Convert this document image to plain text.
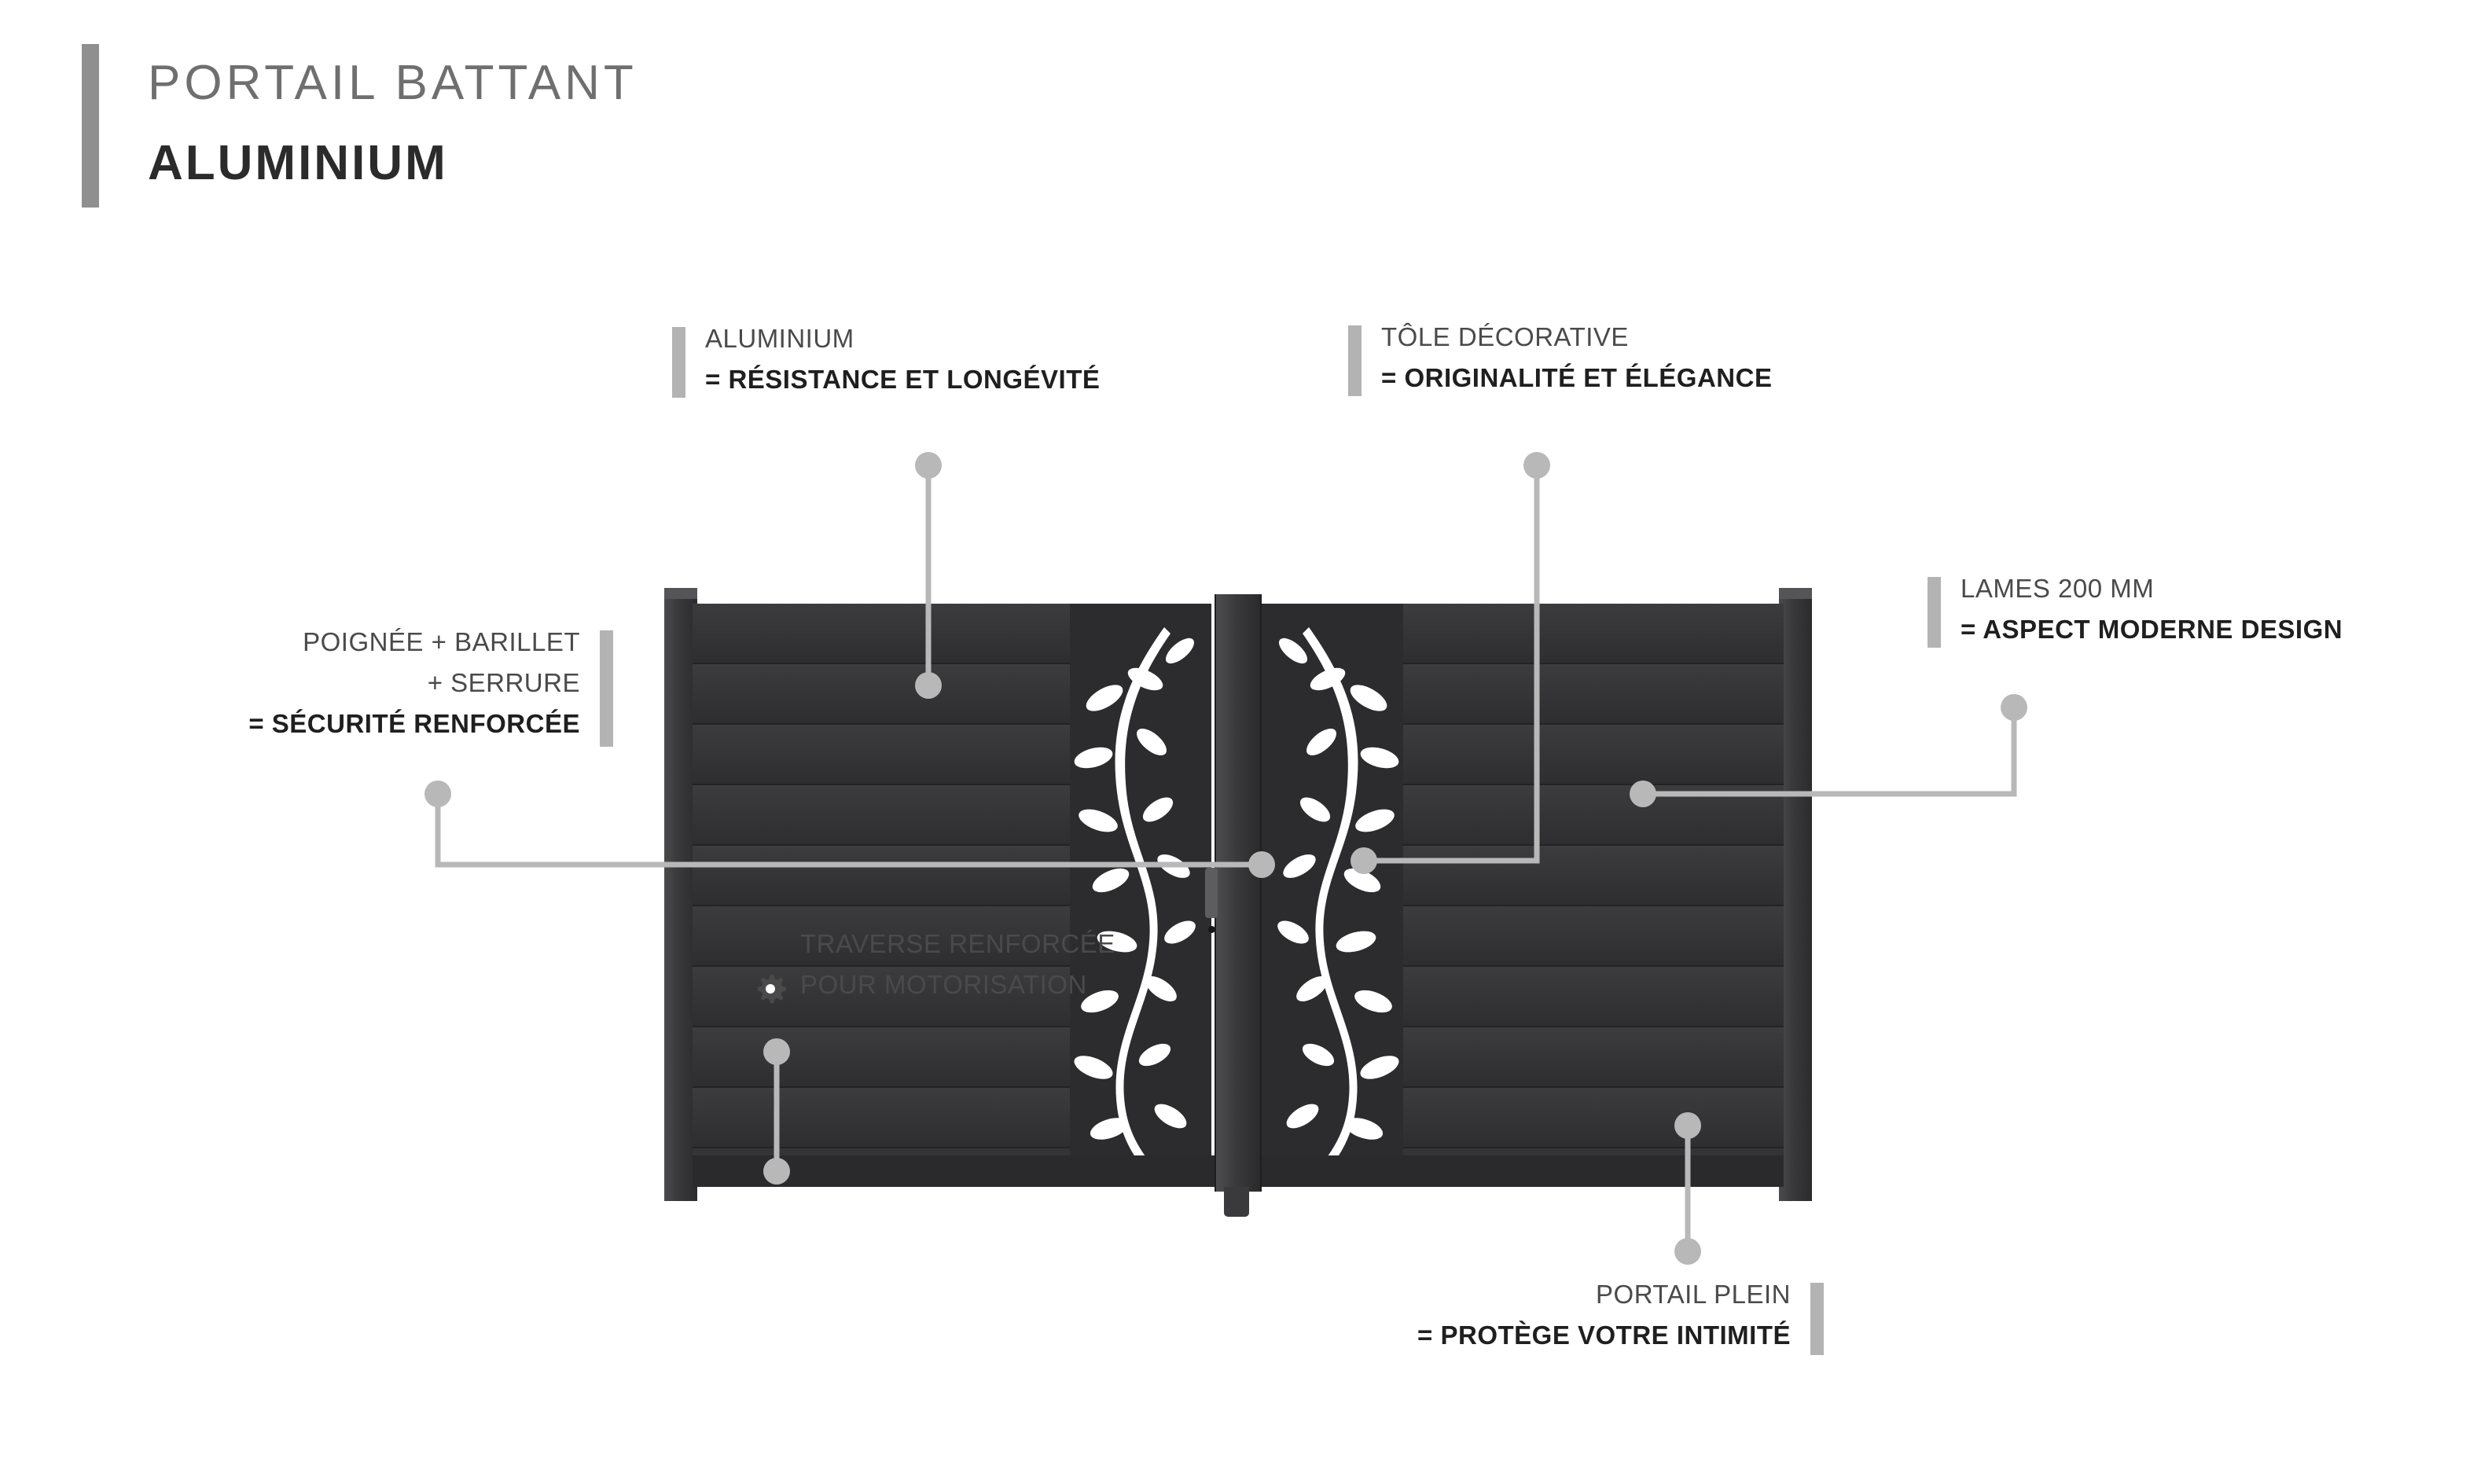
PORTAIL BATTANT
ALUMINIUM
ALUMINIUM
= RÉSISTANCE ET LONGÉVITÉ
TÔLE DÉCORATIVE
= ORIGINALITÉ ET ÉLÉGANCE
LAMES 200 MM
= ASPECT MODERNE DESIGN
POIGNÉE + BARILLET
+ SERRURE
= SÉCURITÉ RENFORCÉE
TRAVERSE RENFORCÉE
POUR MOTORISATION
PORTAIL PLEIN
= PROTÈGE VOTRE INTIMITÉ
